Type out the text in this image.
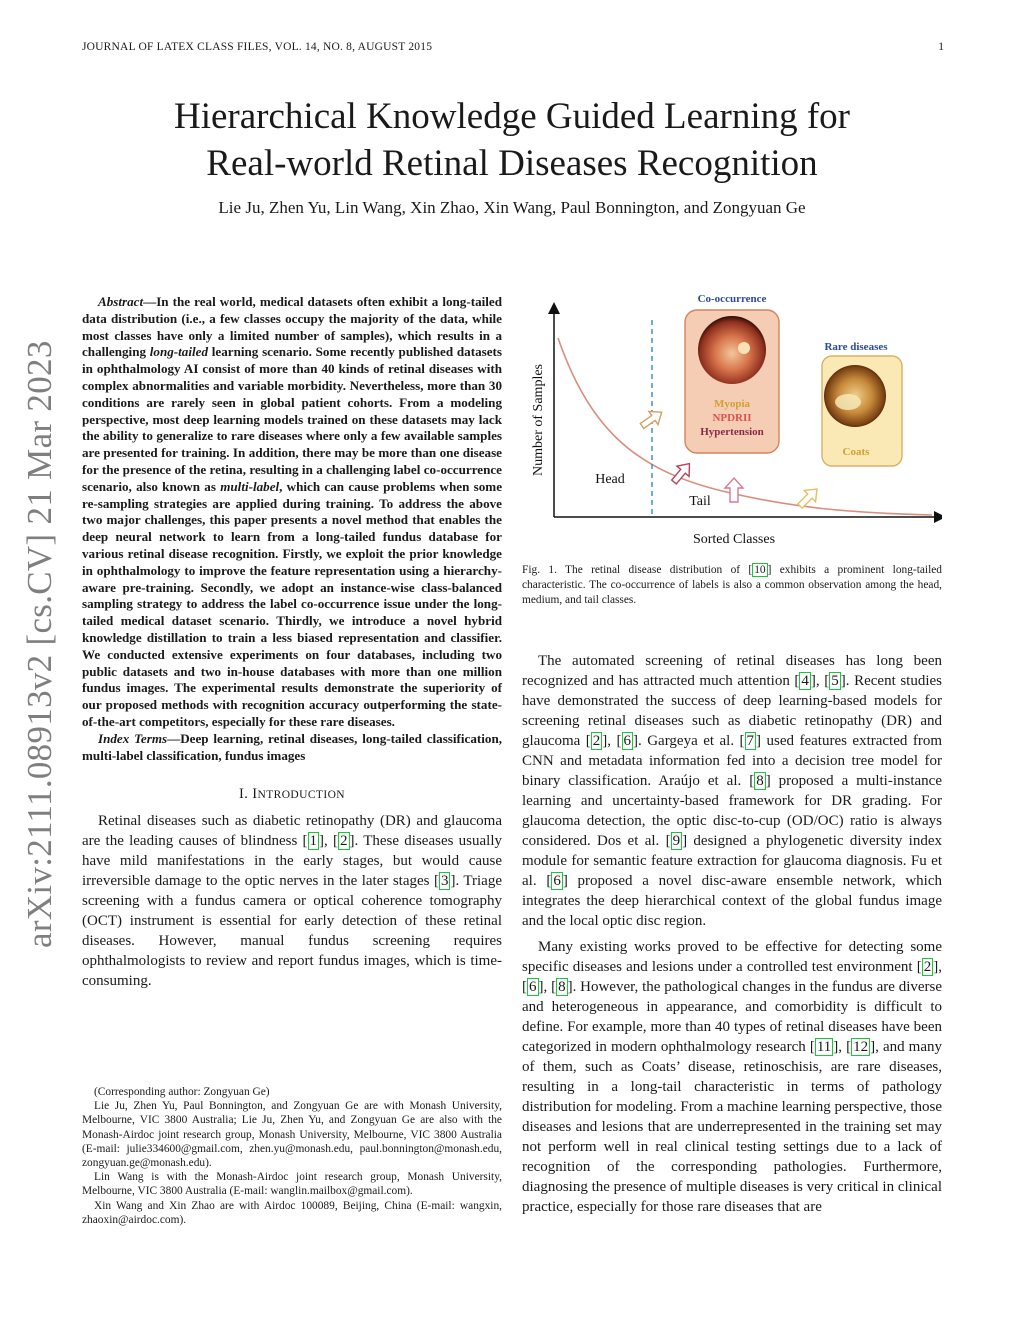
JOURNAL OF LATEX CLASS FILES, VOL. 14, NO. 8, AUGUST 2015	1
Hierarchical Knowledge Guided Learning for
Real-world Retinal Diseases Recognition
Lie Ju, Zhen Yu, Lin Wang, Xin Zhao, Xin Wang, Paul Bonnington, and Zongyuan Ge
arXiv:2111.08913v2 [cs.CV] 21 Mar 2023

Abstract—In the real world, medical datasets often exhibit a long-tailed data distribution (i.e., a few classes occupy the majority of the data, while most classes have only a limited number of samples), which results in a challenging long-tailed learning scenario. Some recently published datasets in ophthalmology AI consist of more than 40 kinds of retinal diseases with complex abnormalities and variable morbidity. Nevertheless, more than 30 conditions are rarely seen in global patient cohorts. From a modeling perspective, most deep learning models trained on these datasets may lack the ability to generalize to rare diseases where only a few available samples are presented for training. In addition, there may be more than one disease for the presence of the retina, resulting in a challenging label co-occurrence scenario, also known as multi-label, which can cause problems when some re-sampling strategies are applied during training. To address the above two major challenges, this paper presents a novel method that enables the deep neural network to learn from a long-tailed fundus database for various retinal disease recognition. Firstly, we exploit the prior knowledge in ophthalmology to improve the feature representation using a hierarchy-aware pre-training. Secondly, we adopt an instance-wise class-balanced sampling strategy to address the label co-occurrence issue under the long-tailed medical dataset scenario. Thirdly, we introduce a novel hybrid knowledge distillation to train a less biased representation and classifier. We conducted extensive experiments on four databases, including two public datasets and two in-house databases with more than one million fundus images. The experimental results demonstrate the superiority of our proposed methods with recognition accuracy outperforming the state-of-the-art competitors, especially for these rare diseases.

Index Terms—Deep learning, retinal diseases, long-tailed classification, multi-label classification, fundus images

I. INTRODUCTION

Retinal diseases such as diabetic retinopathy (DR) and glaucoma are the leading causes of blindness [ 1 ], [ 2 ]. These diseases usually have mild manifestations in the early stages, but would cause irreversible damage to the optic nerves in the later stages [ 3 ]. Triage screening with a fundus camera or optical coherence tomography (OCT) instrument is essential for early detection of these retinal diseases. However, manual fundus screening requires ophthalmologists to review and report fundus images, which is time-consuming.

(Corresponding author: Zongyuan Ge)

Lie Ju, Zhen Yu, Paul Bonnington, and Zongyuan Ge are with Monash University, Melbourne, VIC 3800 Australia; Lie Ju, Zhen Yu, and Zongyuan Ge are also with the Monash-Airdoc joint research group, Monash University, Melbourne, VIC 3800 Australia (E-mail: julie334600@gmail.com, zhen.yu@monash.edu, paul.bonnington@monash.edu, zongyuan.ge@monash.edu).

Lin Wang is with the Monash-Airdoc joint research group, Monash University, Melbourne, VIC 3800 Australia (E-mail: wanglin.mailbox@gmail.com).

Xin Wang and Xin Zhao are with Airdoc 100089, Beijing, China (E-mail: wangxin, zhaoxin@airdoc.com).

Co-occurrence
Rare diseases
Myopia
NPDRII
Hypertension
Coats
Head
Tail
Sorted Classes
Number of Samples
Fig. 1. The retinal disease distribution of [ 10 ] exhibits a prominent long-tailed characteristic. The co-occurrence of labels is also a common observation among the head, medium, and tail classes.

The automated screening of retinal diseases has long been recognized and has attracted much attention [ 4 ], [ 5 ]. Recent studies have demonstrated the success of deep learning-based models for screening retinal diseases such as diabetic retinopathy (DR) and glaucoma [ 2 ], [ 6 ]. Gargeya et al. [ 7 ] used features extracted from CNN and metadata information fed into a decision tree model for binary classification. Araújo et al. [ 8 ] proposed a multi-instance learning and uncertainty-based framework for DR grading. For glaucoma detection, the optic disc-to-cup (OD/OC) ratio is always considered. Dos et al. [ 9 ] designed a phylogenetic diversity index module for semantic feature extraction for glaucoma diagnosis. Fu et al. [ 6 ] proposed a novel disc-aware ensemble network, which integrates the deep hierarchical context of the global fundus image and the local optic disc region.

Many existing works proved to be effective for detecting some specific diseases and lesions under a controlled test environment [ 2 ], [ 6 ], [ 8 ]. However, the pathological changes in the fundus are diverse and heterogeneous in appearance, and comorbidity is difficult to define. For example, more than 40 types of retinal diseases have been categorized in modern ophthalmology research [ 11 ], [ 12 ], and many of them, such as Coats’ disease, retinoschisis, are rare diseases, resulting in a long-tail characteristic in terms of pathology distribution for modeling. From a machine learning perspective, those diseases and lesions that are underrepresented in the training set may not perform well in real clinical testing settings due to a lack of recognition of the corresponding pathologies. Furthermore, diagnosing the presence of multiple diseases is very critical in clinical practice, especially for those rare diseases that are
